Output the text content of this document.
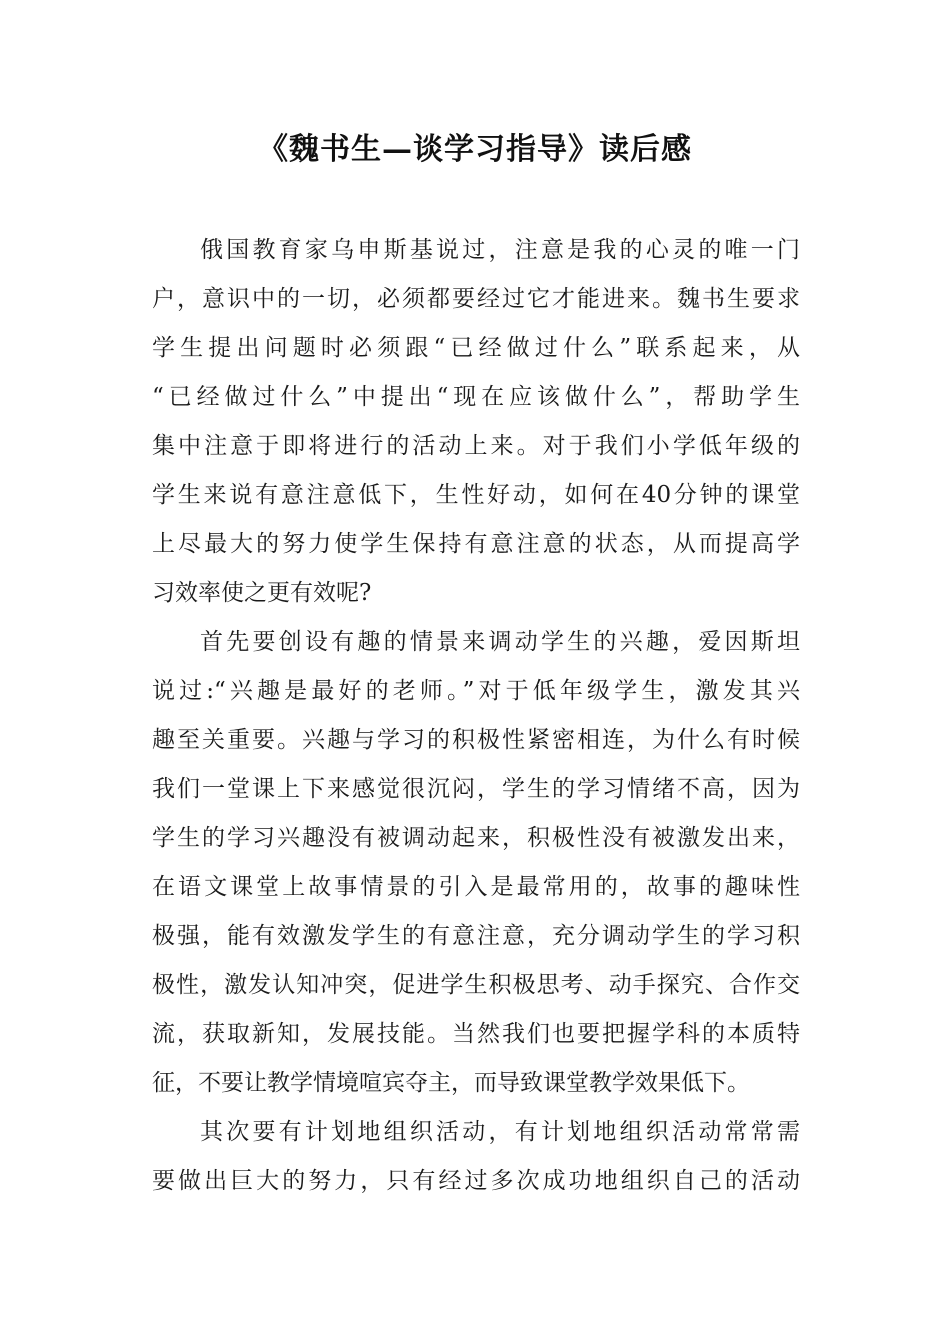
《魏书生—谈学习指导》读后感
俄国教育家乌申斯基说过，注意是我的心灵的唯一门
户，意识中的一切，必须都要经过它才能进来。魏书生要求
学生提出问题时必须跟“已经做过什么”联系起来，从
“已经做过什么”中提出“现在应该做什么”，帮助学生
集中注意于即将进行的活动上来。对于我们小学低年级的
学生来说有意注意低下，生性好动，如何在40分钟的课堂
上尽最大的努力使学生保持有意注意的状态，从而提高学
习效率使之更有效呢?
首先要创设有趣的情景来调动学生的兴趣，爱因斯坦
说过:“兴趣是最好的老师。”对于低年级学生，激发其兴
趣至关重要。兴趣与学习的积极性紧密相连，为什么有时候
我们一堂课上下来感觉很沉闷，学生的学习情绪不高，因为
学生的学习兴趣没有被调动起来，积极性没有被激发出来，
在语文课堂上故事情景的引入是最常用的，故事的趣味性
极强，能有效激发学生的有意注意，充分调动学生的学习积
极性，激发认知冲突，促进学生积极思考、动手探究、合作交
流，获取新知，发展技能。当然我们也要把握学科的本质特
征，不要让教学情境喧宾夺主，而导致课堂教学效果低下。
其次要有计划地组织活动，有计划地组织活动常常需
要做出巨大的努力，只有经过多次成功地组织自己的活动
